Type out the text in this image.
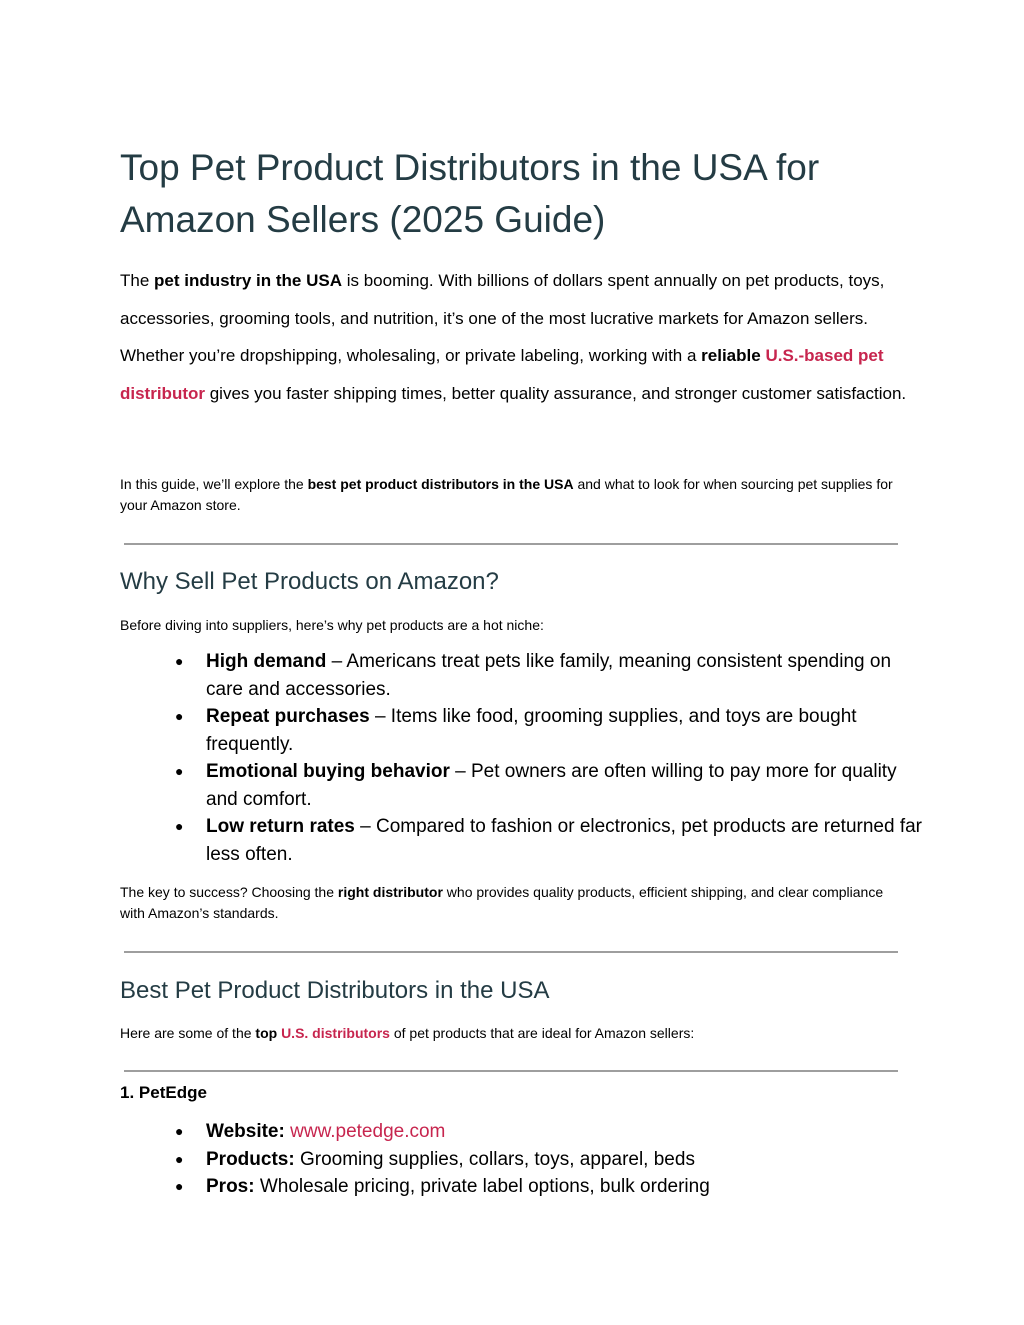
Top Pet Product Distributors in the USA for Amazon Sellers (2025 Guide)

The pet industry in the USA is booming. With billions of dollars spent annually on pet products, toys, accessories, grooming tools, and nutrition, it’s one of the most lucrative markets for Amazon sellers. Whether you’re dropshipping, wholesaling, or private labeling, working with a reliable U.S.-based pet distributor gives you faster shipping times, better quality assurance, and stronger customer satisfaction.

In this guide, we’ll explore the best pet product distributors in the USA and what to look for when sourcing pet supplies for your Amazon store.

Why Sell Pet Products on Amazon?

Before diving into suppliers, here’s why pet products are a hot niche:

● High demand – Americans treat pets like family, meaning consistent spending on care and accessories.
● Repeat purchases – Items like food, grooming supplies, and toys are bought frequently.
● Emotional buying behavior – Pet owners are often willing to pay more for quality and comfort.
● Low return rates – Compared to fashion or electronics, pet products are returned far less often.

The key to success? Choosing the right distributor who provides quality products, efficient shipping, and clear compliance with Amazon’s standards.

Best Pet Product Distributors in the USA

Here are some of the top U.S. distributors of pet products that are ideal for Amazon sellers:

1. PetEdge
● Website: www.petedge.com
● Products: Grooming supplies, collars, toys, apparel, beds
● Pros: Wholesale pricing, private label options, bulk ordering
